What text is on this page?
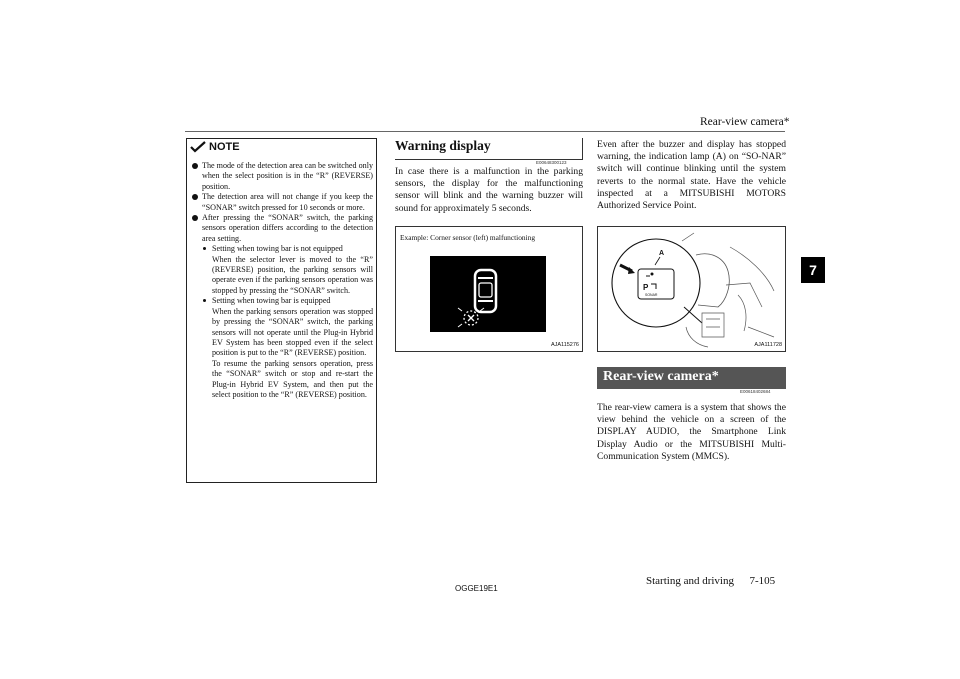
Rear-view camera*
7
NOTE
The mode of the detection area can be switched only when the select position is in the “R” (REVERSE) position.
The detection area will not change if you keep the “SONAR” switch pressed for 10 seconds or more.
After pressing the “SONAR” switch, the parking sensors operation differs according to the detection area setting.
Setting when towing bar is not equipped
When the selector lever is moved to the “R” (REVERSE) position, the parking sensors will operate even if the parking sensors operation was stopped by pressing the “SONAR” switch.
Setting when towing bar is equipped
When the parking sensors operation was stopped by pressing the “SONAR” switch, the parking sensors will not operate until the Plug-in Hybrid EV System has been stopped even if the select position is put to the “R” (REVERSE) position.
To resume the parking sensors operation, press the “SONAR” switch or stop and re-start the Plug-in Hybrid EV System, and then put the select position to the “R” (REVERSE) position.
Warning display
E00648300123
In case there is a malfunction in the parking sensors, the display for the malfunctioning sensor will blink and the warning buzzer will sound for approximately 5 seconds.
Example: Corner sensor (left) malfunctioning
AJA115276
Even after the buzzer and display has stopped warning, the indication lamp (A) on “SO-NAR” switch will continue blinking until the system reverts to the normal state. Have the vehicle inspected at a MITSUBISHI MOTORS Authorized Service Point.
P
A
SONAR
AJA111728
Rear-view camera*
E00618402684
The rear-view camera is a system that shows the view behind the vehicle on a screen of the DISPLAY AUDIO, the Smartphone Link Display Audio or the MITSUBISHI Multi-Communication System (MMCS).
OGGE19E1
Starting and driving 7-105
